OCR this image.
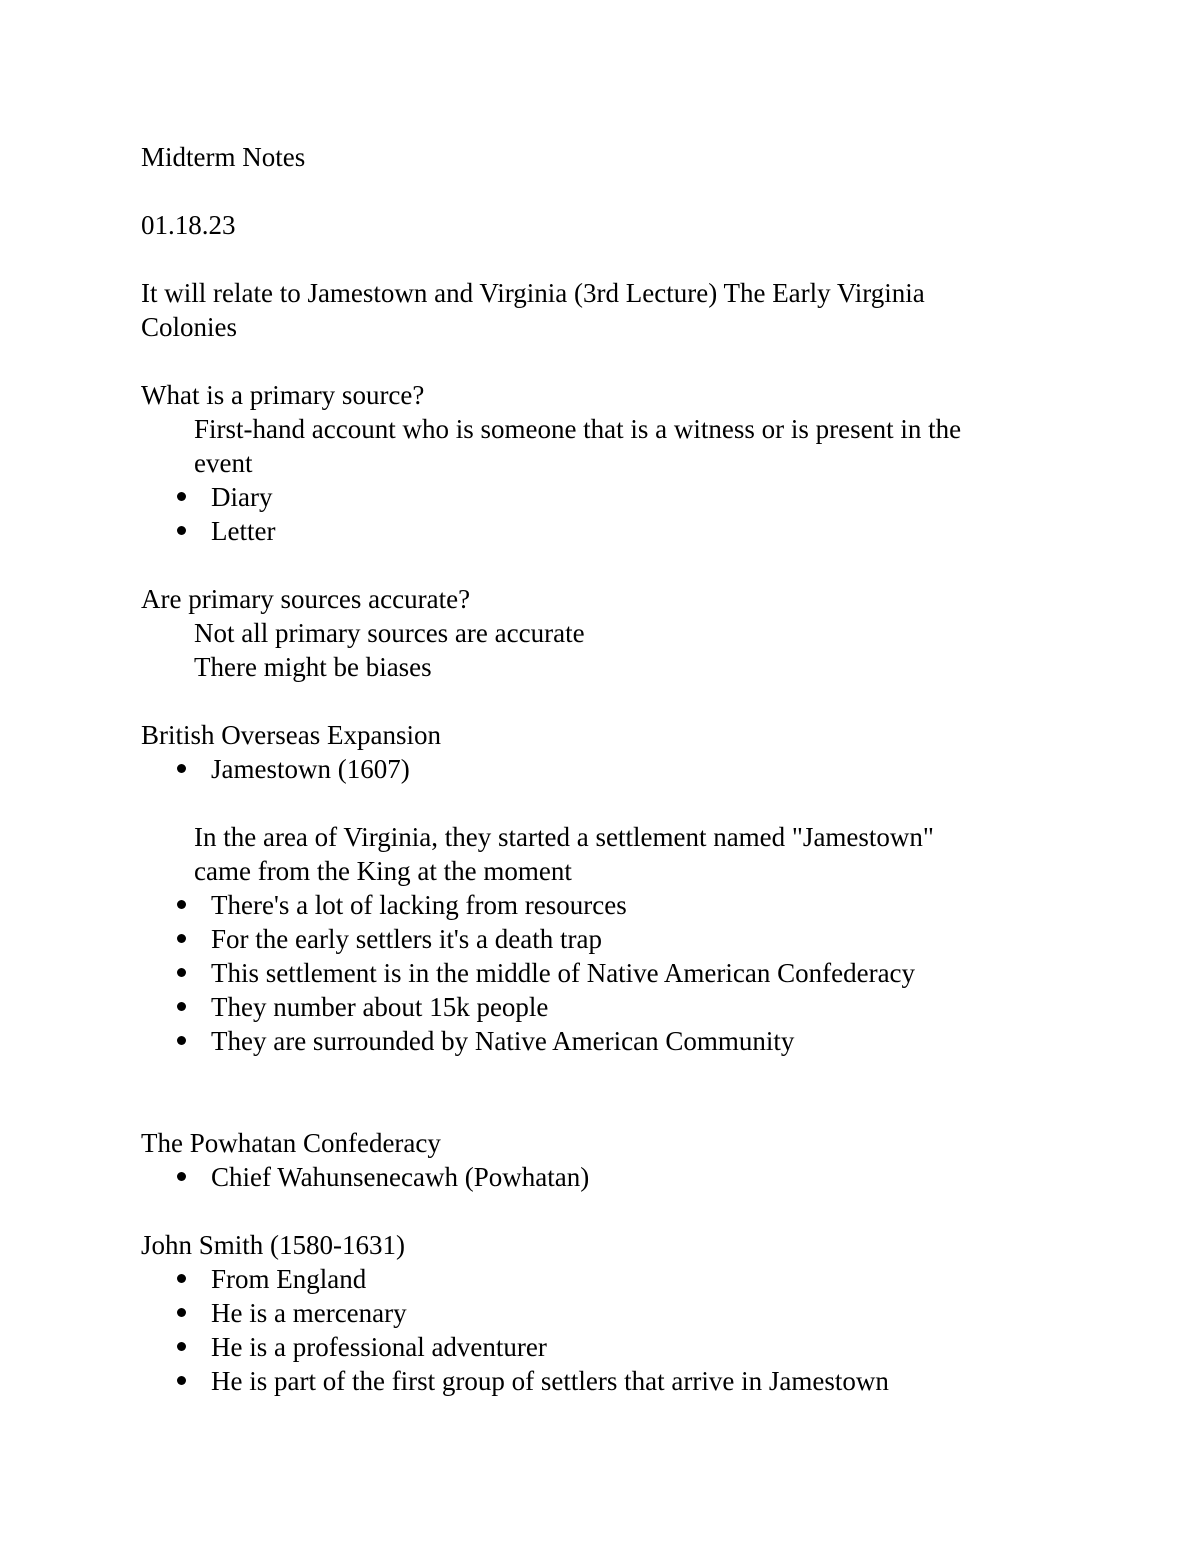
Midterm Notes
01.18.23
It will relate to Jamestown and Virginia (3rd Lecture) The Early Virginia
Colonies
What is a primary source?
First-hand account who is someone that is a witness or is present in the
event
Diary
Letter
Are primary sources accurate?
Not all primary sources are accurate
There might be biases
British Overseas Expansion
Jamestown (1607)
In the area of Virginia, they started a settlement named "Jamestown"
came from the King at the moment
There's a lot of lacking from resources
For the early settlers it's a death trap
This settlement is in the middle of Native American Confederacy
They number about 15k people
They are surrounded by Native American Community
The Powhatan Confederacy
Chief Wahunsenecawh (Powhatan)
John Smith (1580-1631)
From England
He is a mercenary
He is a professional adventurer
He is part of the first group of settlers that arrive in Jamestown
